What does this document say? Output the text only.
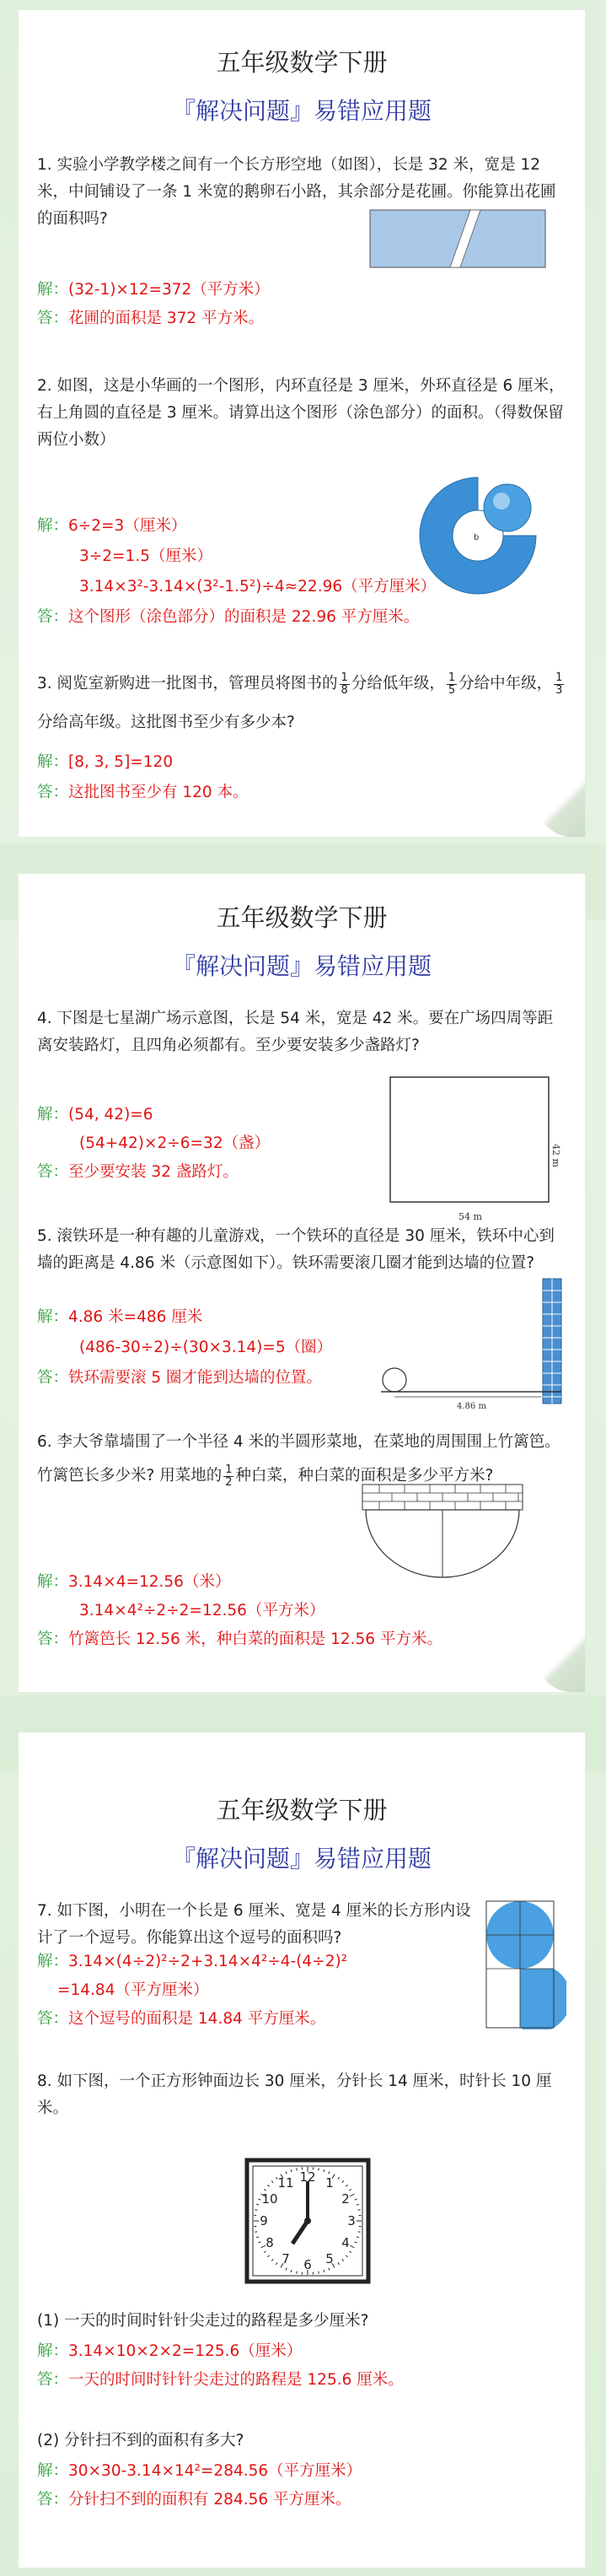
五年级数学下册
『解决问题』易错应用题
1. 实验小学教学楼之间有一个长方形空地（如图），长是 32 米，宽是 12 米，中间铺设了一条 1 米宽的鹅卵石小路，其余部分是花圃。你能算出花圃的面积吗?
解：(32-1)×12=372（平方米）
答：花圃的面积是 372 平方米。
2. 如图，这是小华画的一个图形，内环直径是 3 厘米，外环直径是 6 厘米，右上角圆的直径是 3 厘米。请算出这个图形（涂色部分）的面积。（得数保留两位小数）
b
解：6÷2=3（厘米）
3÷2=1.5（厘米）
3.14×3²-3.14×(3²-1.5²)÷4≈22.96（平方厘米）
答：这个图形（涂色部分）的面积是 22.96 平方厘米。
3. 阅览室新购进一批图书，管理员将图书的 $\frac{1}{8}$ 分给低年级， $\frac{1}{5}$ 分给中年级， $\frac{1}{3}$
分给高年级。这批图书至少有多少本?
解：[8, 3, 5]=120
答：这批图书至少有 120 本。
五年级数学下册
『解决问题』易错应用题
4. 下图是七星湖广场示意图，长是 54 米，宽是 42 米。要在广场四周等距离安装路灯，且四角必须都有。至少要安装多少盏路灯?
42 m
54 m
解：(54, 42)=6
(54+42)×2÷6=32（盏）
答：至少要安装 32 盏路灯。
5. 滚铁环是一种有趣的儿童游戏，一个铁环的直径是 30 厘米，铁环中心到墙的距离是 4.86 米（示意图如下）。铁环需要滚几圈才能到达墙的位置?
4.86 m
解：4.86 米=486 厘米
(486-30÷2)÷(30×3.14)=5（圈）
答：铁环需要滚 5 圈才能到达墙的位置。
6. 李大爷靠墙围了一个半径 4 米的半圆形菜地，在菜地的周围围上竹篱笆。竹篱笆长多少米? 用菜地的 $\frac{1}{2}$ 种白菜，种白菜的面积是多少平方米?
解：3.14×4=12.56（米）
3.14×4²÷2÷2=12.56（平方米）
答：竹篱笆长 12.56 米，种白菜的面积是 12.56 平方米。
五年级数学下册
『解决问题』易错应用题
7. 如下图，小明在一个长是 6 厘米、宽是 4 厘米的长方形内设计了一个逗号。你能算出这个逗号的面积吗?
解：3.14×(4÷2)²÷2+3.14×4²÷4-(4÷2)²
=14.84（平方厘米）
答：这个逗号的面积是 14.84 平方厘米。
8. 如下图，一个正方形钟面边长 30 厘米，分针长 14 厘米，时针长 10 厘米。
12 1
2
3
4
5
6
7
8
9
10
11
(1) 一天的时间时针针尖走过的路程是多少厘米?
解：3.14×10×2×2=125.6（厘米）
答：一天的时间时针针尖走过的路程是 125.6 厘米。
(2) 分针扫不到的面积有多大?
解：30×30-3.14×14²=284.56（平方厘米）
答：分针扫不到的面积有 284.56 平方厘米。
